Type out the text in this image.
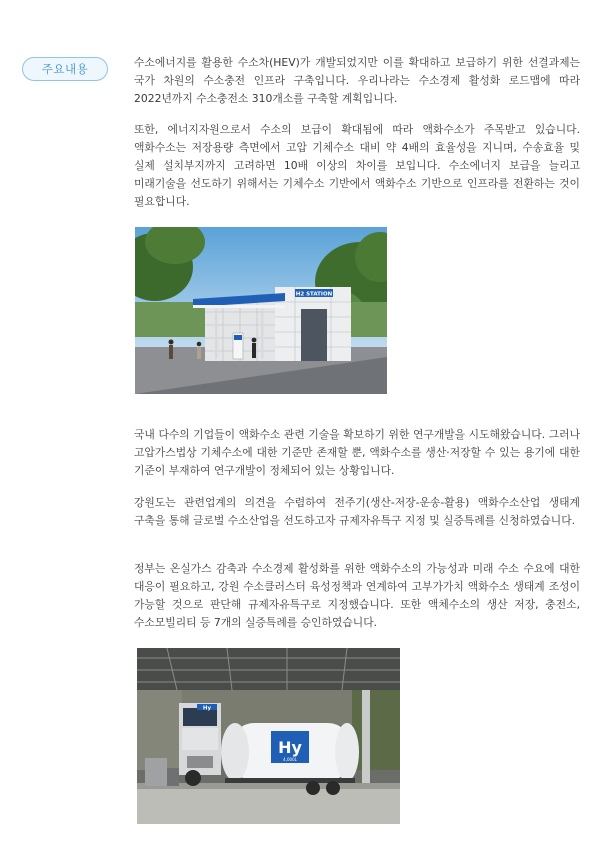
주요내용	수소에너지를 활용한 수소차(HEV)가 개발되었지만 이를 확대하고 보급하기 위한 선결과제는 국가 차원의 수소충전 인프라 구축입니다. 우리나라는 수소경제 활성화 로드맵에 따라 2022년까지 수소충전소 310개소를 구축할 계획입니다.

또한, 에너지자원으로서 수소의 보급이 확대됨에 따라 액화수소가 주목받고 있습니다. 액화수소는 저장용량 측면에서 고압 기체수소 대비 약 4배의 효율성을 지니며, 수송효율 및 실제 설치부지까지 고려하면 10배 이상의 차이를 보입니다. 수소에너지 보급을 늘리고 미래기술을 선도하기 위해서는 기체수소 기반에서 액화수소 기반으로 인프라를 전환하는 것이 필요합니다.

H2 STATION

국내 다수의 기업들이 액화수소 관련 기술을 확보하기 위한 연구개발을 시도해왔습니다. 그러나 고압가스법상 기체수소에 대한 기준만 존재할 뿐, 액화수소를 생산·저장할 수 있는 용기에 대한 기준이 부재하여 연구개발이 정체되어 있는 상황입니다.

강원도는 관련업계의 의견을 수렴하여 전주기(생산-저장-운송-활용) 액화수소산업 생태계 구축을 통해 글로벌 수소산업을 선도하고자 규제자유특구 지정 및 실증특례를 신청하였습니다.

정부는 온실가스 감축과 수소경제 활성화를 위한 액화수소의 가능성과 미래 수소 수요에 대한 대응이 필요하고, 강원 수소클러스터 육성정책과 연계하여 고부가가치 액화수소 생태계 조성이 가능할 것으로 판단해 규제자유특구로 지정했습니다. 또한 액체수소의 생산 저장, 충전소, 수소모빌리티 등 7개의 실증특례를 승인하였습니다.

Hy
Hy
4,000L
